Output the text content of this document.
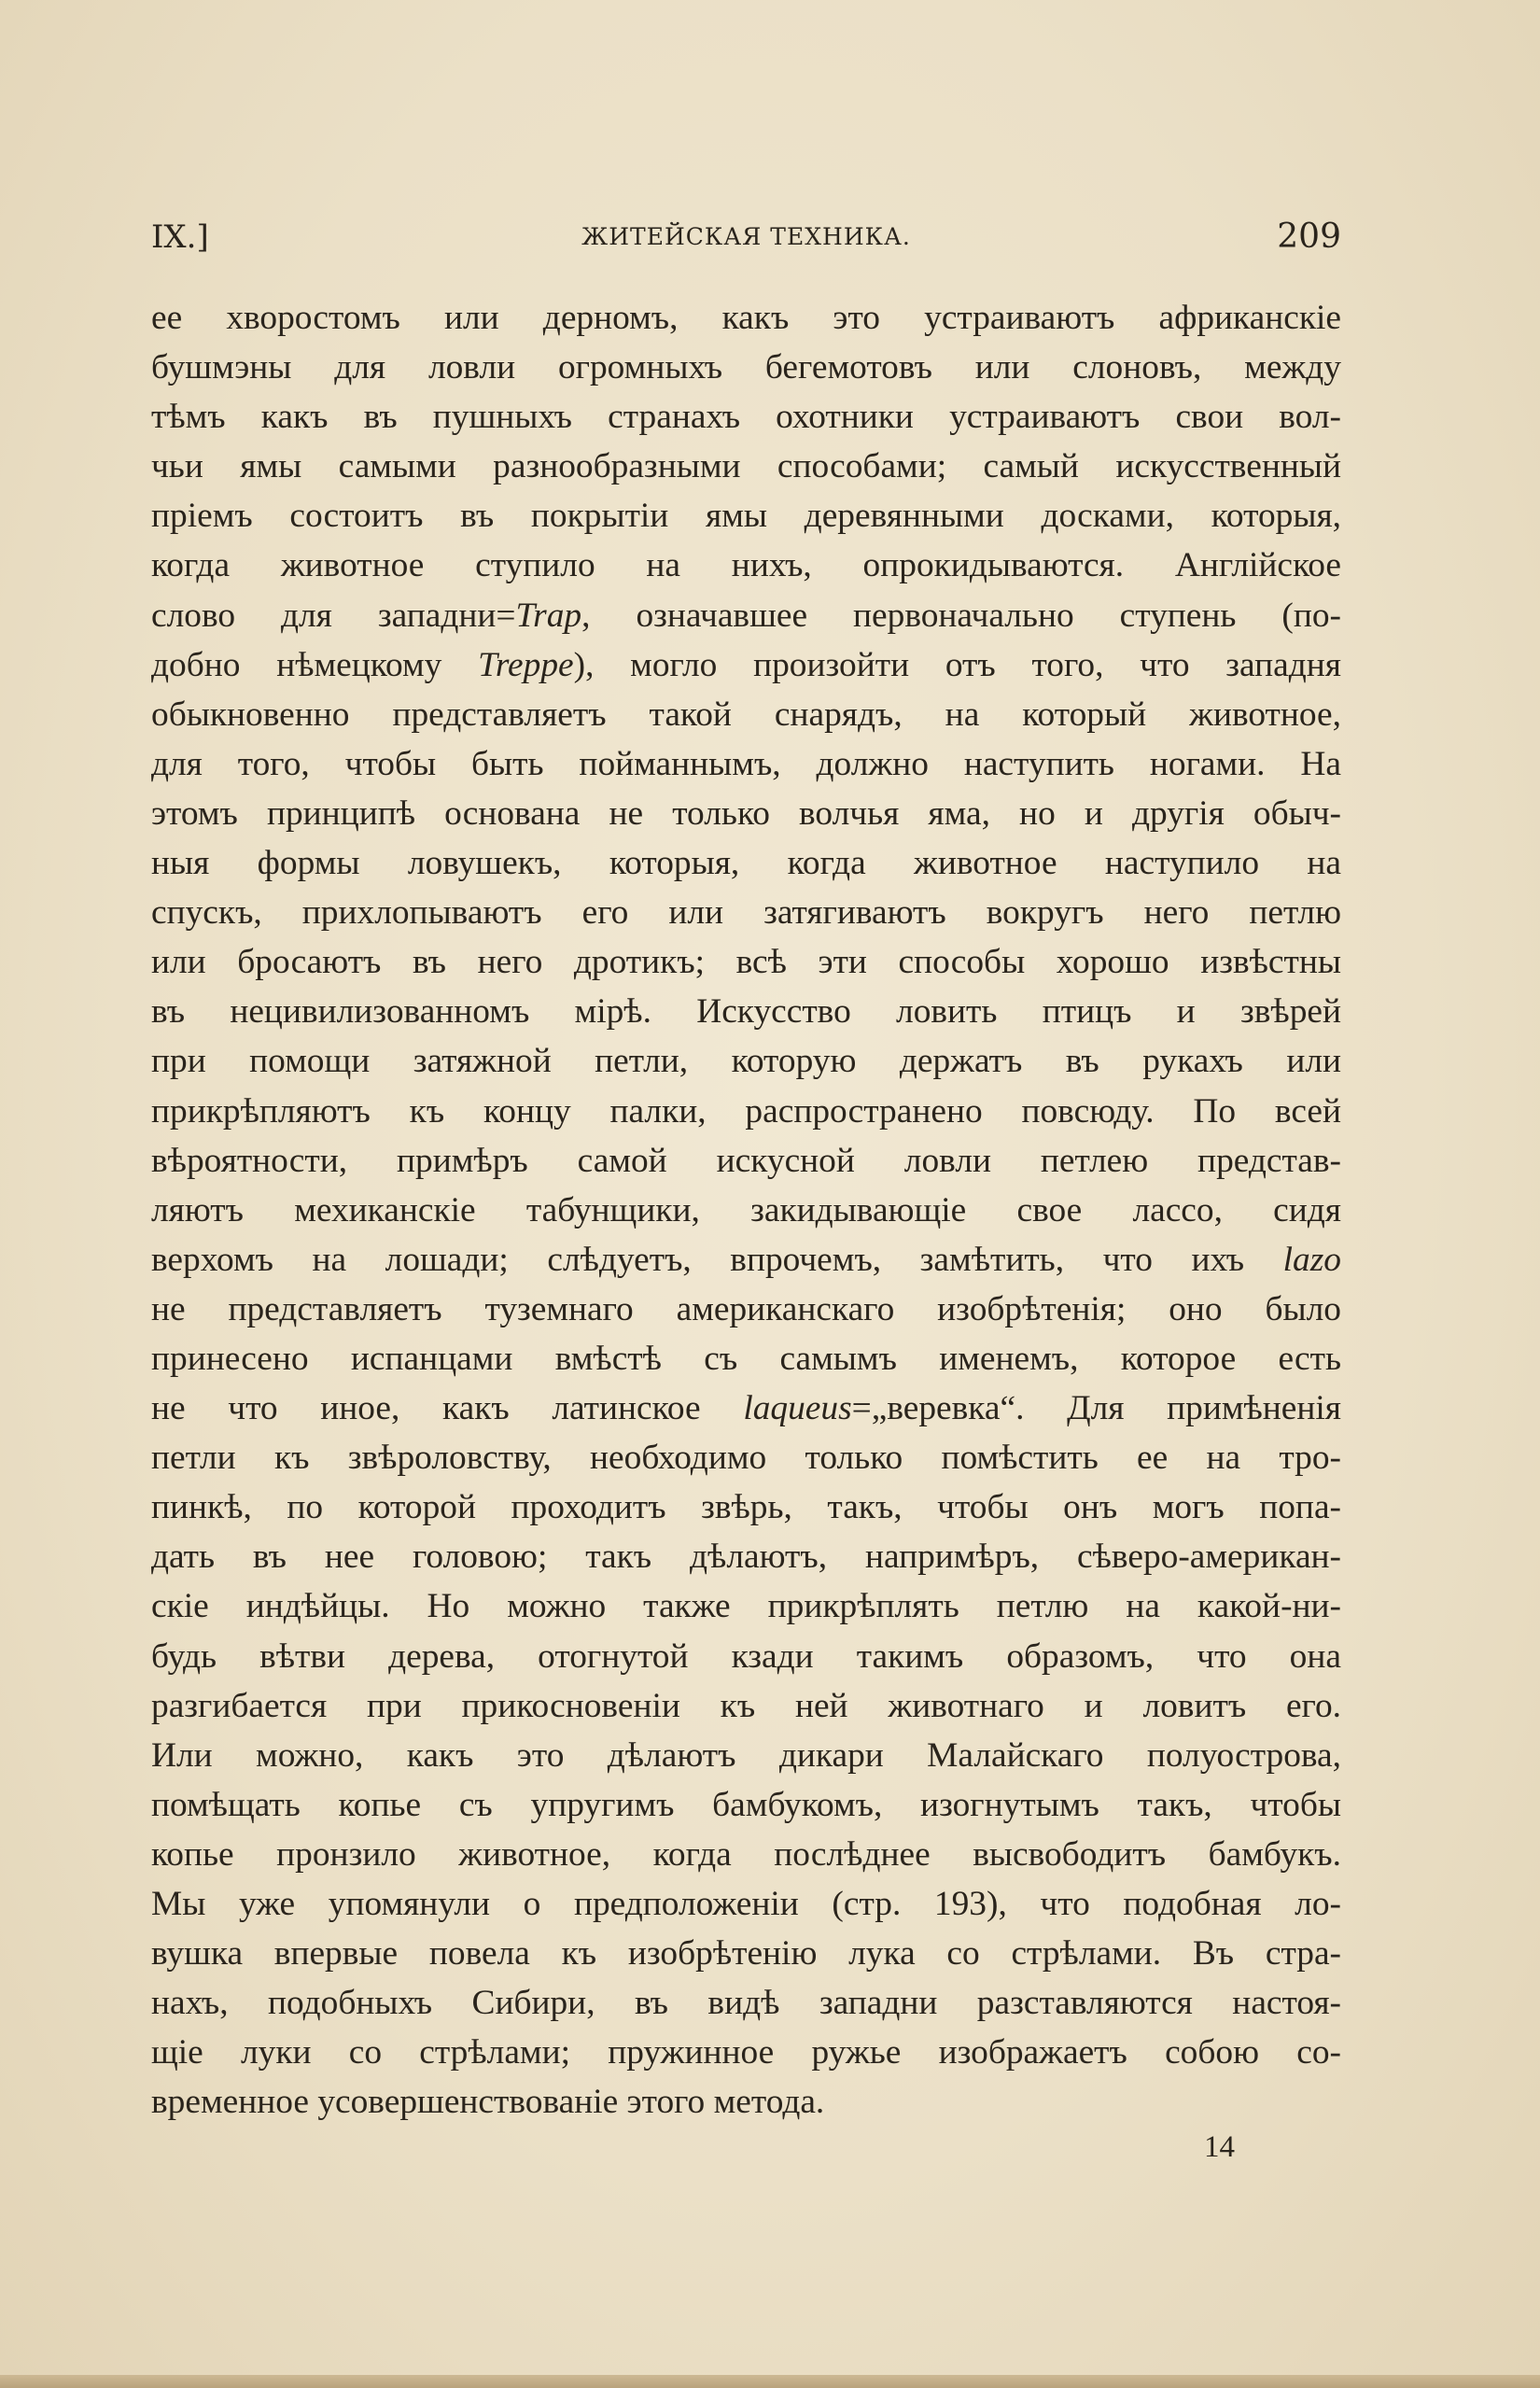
ЖИТЕЙСКАЯ ТЕХНИКА.
IX.]	209
ее хворостомъ или дерномъ, какъ это устраиваютъ африканскіе
бушмэны для ловли огромныхъ бегемотовъ или слоновъ, между
тѣмъ какъ въ пушныхъ странахъ охотники устраиваютъ свои вол-
чьи ямы самыми разнообразными способами; самый искусственный
пріемъ состоитъ въ покрытіи ямы деревянными досками, которыя,
когда животное ступило на нихъ, опрокидываются. Англійское
слово для западни=Trap, означавшее первоначально ступень (по-
добно нѣмецкому Treppe), могло произойти отъ того, что западня
обыкновенно представляетъ такой снарядъ, на который животное,
для того, чтобы быть пойманнымъ, должно наступить ногами. На
этомъ принципѣ основана не только волчья яма, но и другія обыч-
ныя формы ловушекъ, которыя, когда животное наступило на
спускъ, прихлопываютъ его или затягиваютъ вокругъ него петлю
или бросаютъ въ него дротикъ; всѣ эти способы хорошо извѣстны
въ нецивилизованномъ мірѣ. Искусство ловить птицъ и звѣрей
при помощи затяжной петли, которую держатъ въ рукахъ или
прикрѣпляютъ къ концу палки, распространено повсюду. По всей
вѣроятности, примѣръ самой искусной ловли петлею представ-
ляютъ мехиканскіе табунщики, закидывающіе свое лассо, сидя
верхомъ на лошади; слѣдуетъ, впрочемъ, замѣтить, что ихъ lazo
не представляетъ туземнаго американскаго изобрѣтенія; оно было
принесено испанцами вмѣстѣ съ самымъ именемъ, которое есть
не что иное, какъ латинское laqueus=„веревка“. Для примѣненія
петли къ звѣроловству, необходимо только помѣстить ее на тро-
пинкѣ, по которой проходитъ звѣрь, такъ, чтобы онъ могъ попа-
дать въ нее головою; такъ дѣлаютъ, напримѣръ, сѣверо-американ-
скіе индѣйцы. Но можно также прикрѣплять петлю на какой-ни-
будь вѣтви дерева, отогнутой кзади такимъ образомъ, что она
разгибается при прикосновеніи къ ней животнаго и ловитъ его.
Или можно, какъ это дѣлаютъ дикари Малайскаго полуострова,
помѣщать копье съ упругимъ бамбукомъ, изогнутымъ такъ, чтобы
копье пронзило животное, когда послѣднее высвободитъ бамбукъ.
Мы уже упомянули о предположеніи (стр. 193), что подобная ло-
вушка впервые повела къ изобрѣтенію лука со стрѣлами. Въ стра-
нахъ, подобныхъ Сибири, въ видѣ западни разставляются настоя-
щіе луки со стрѣлами; пружинное ружье изображаетъ собою со-
временное усовершенствованіе этого метода.
14
